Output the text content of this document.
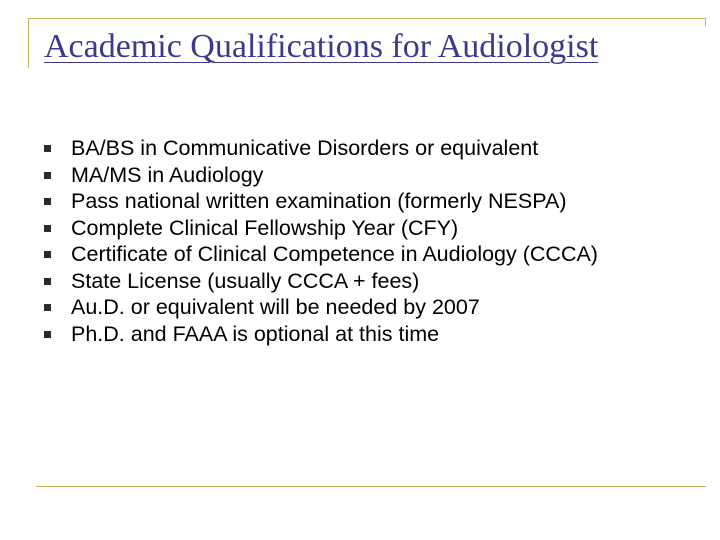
Academic Qualifications for Audiologist
BA/BS in Communicative Disorders or equivalent
MA/MS in Audiology
Pass national written examination (formerly NESPA)
Complete Clinical Fellowship Year (CFY)
Certificate of Clinical Competence in Audiology (CCCA)
State License (usually CCCA + fees)
Au.D. or equivalent will be needed by 2007
Ph.D. and FAAA is optional at this time
